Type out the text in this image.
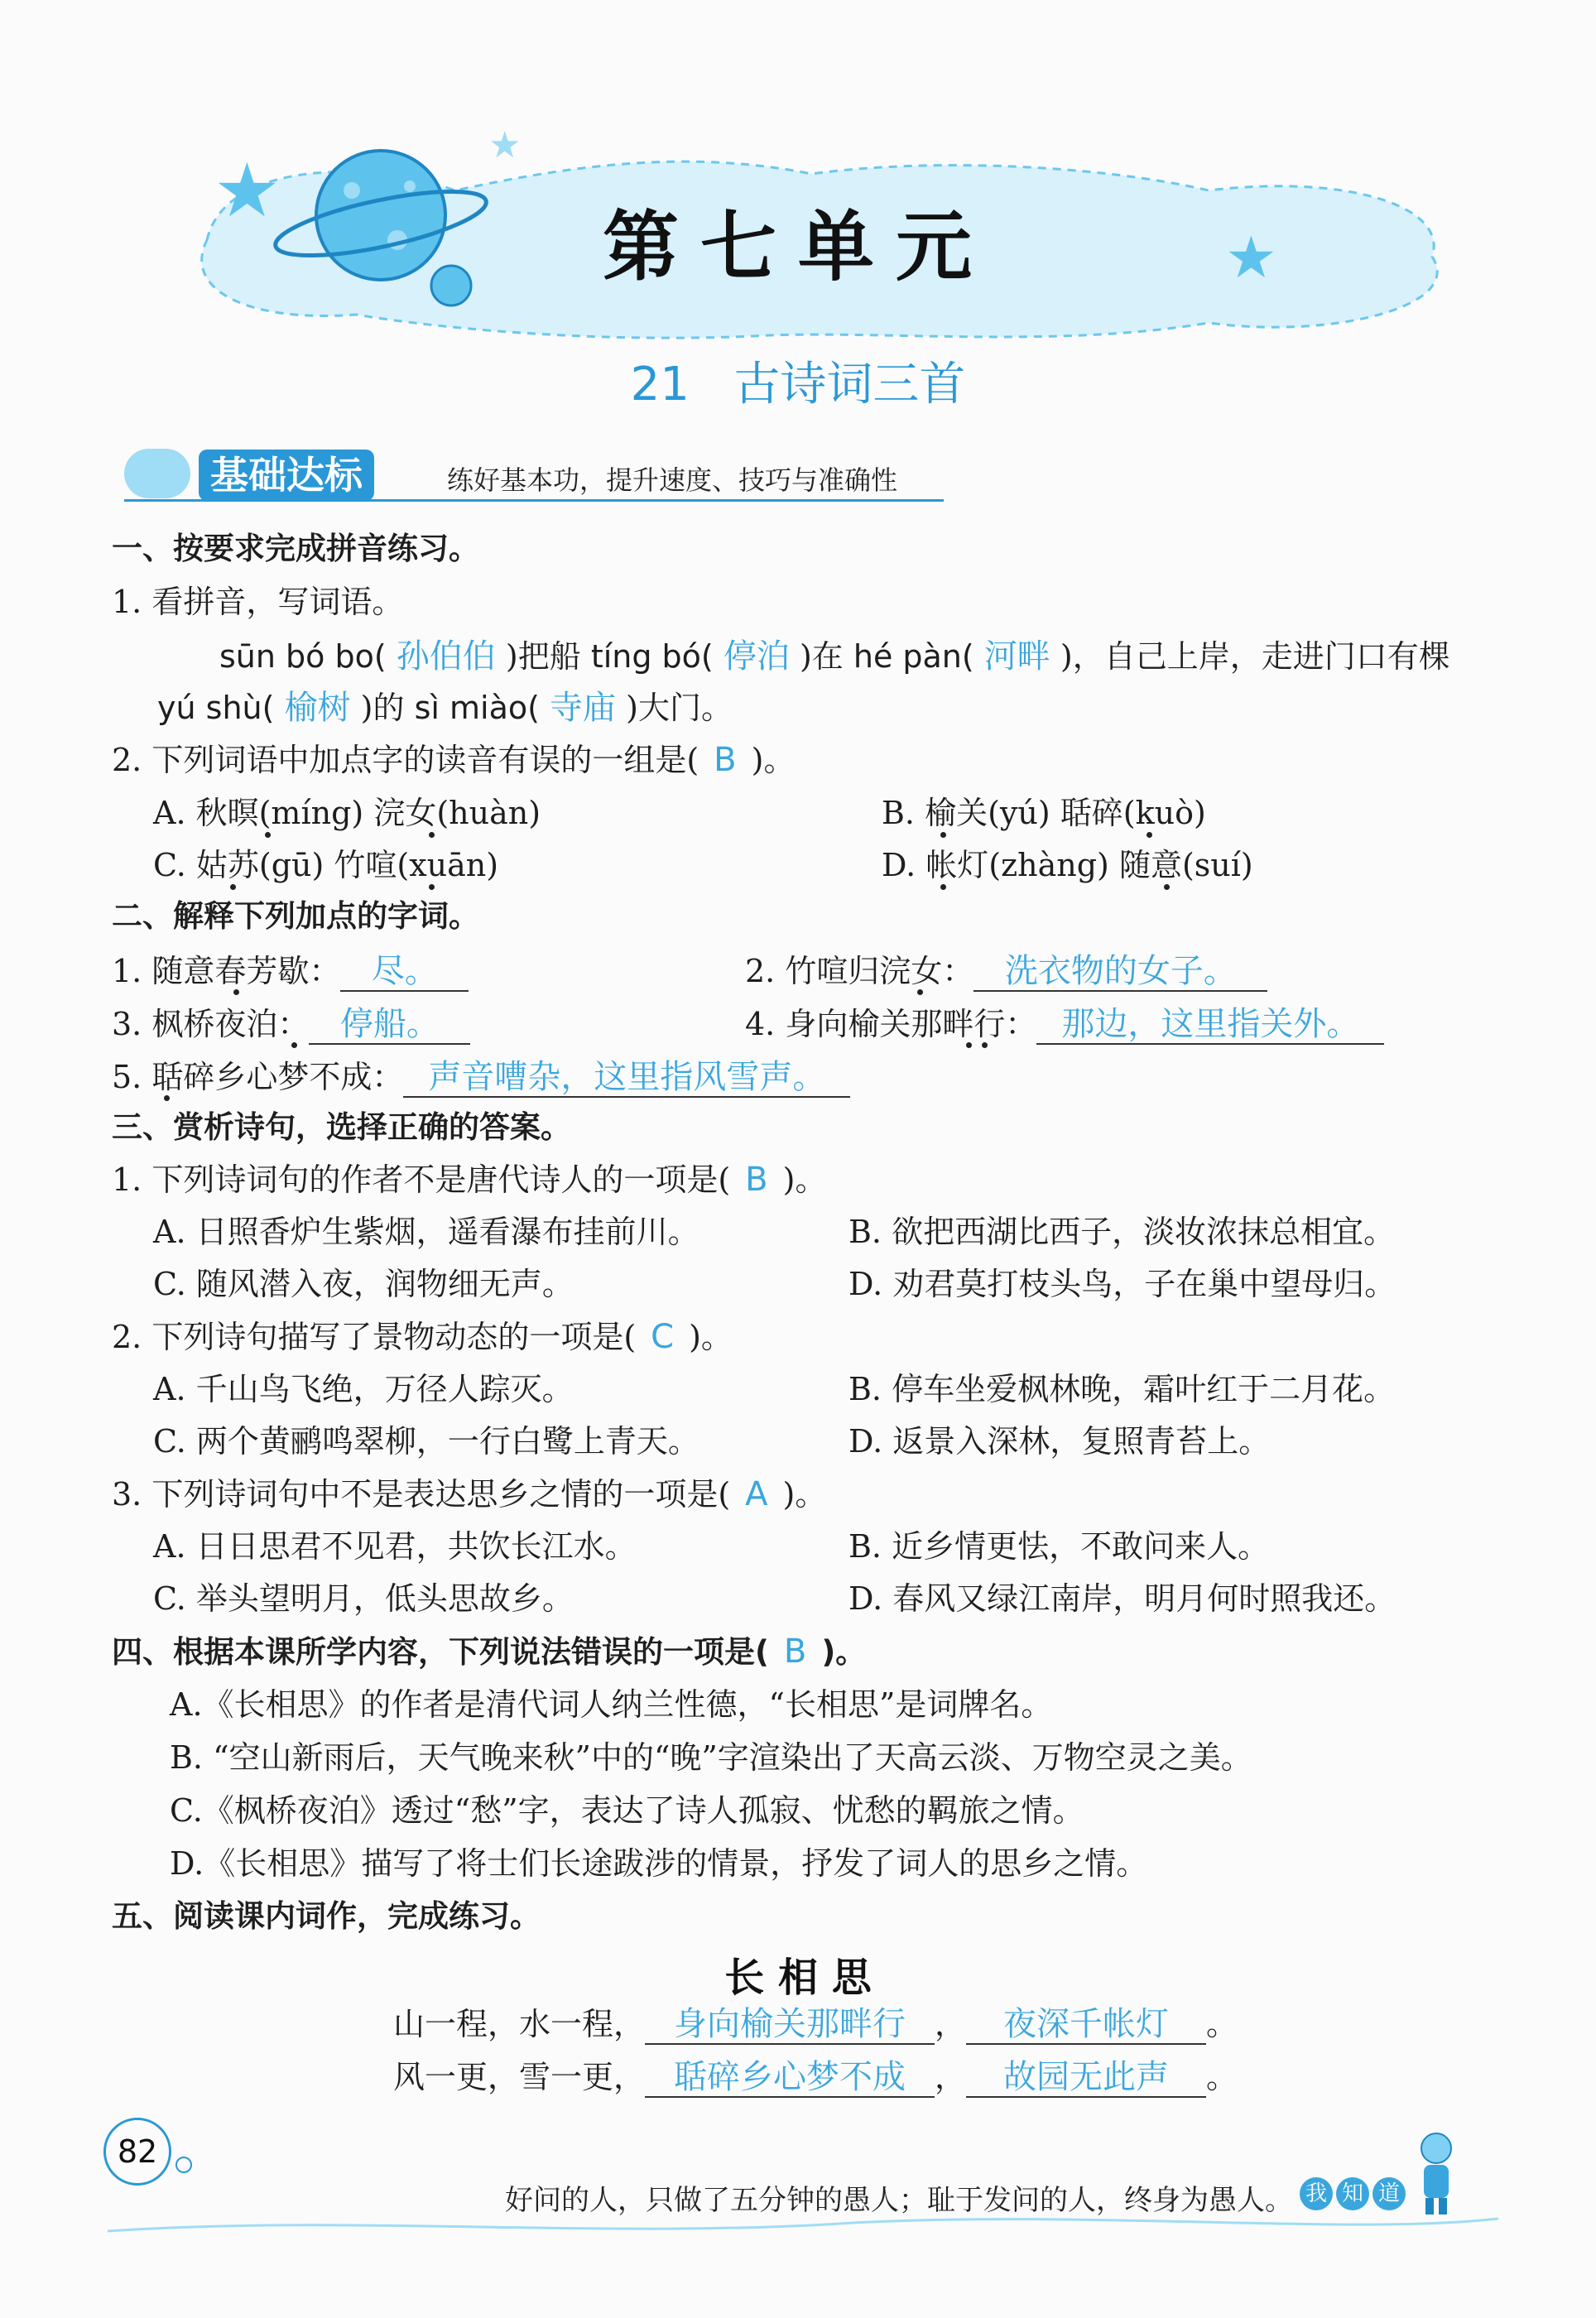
★
★
★
第七单元
21 古诗词三首
基础达标	练好基本功，提升速度、技巧与准确性
一、按要求完成拼音练习。
1. 看拼音，写词语。
sūn bó bo( 孙伯伯 )把船 tíng bó( 停泊 )在 hé pàn( 河畔 )，自己上岸，走进门口有棵
yú shù( 榆树 )的 sì miào( 寺庙 )大门。
2. 下列词语中加点字的读音有误的一组是( B )。
A. 秋暝(míng) 浣女(huàn)	B. 榆关(yú) 聒碎(kuò)
C. 姑苏(gū) 竹喧(xuān)	D. 帐灯(zhàng) 随意(suí)
二、解释下列加点的字词。
1. 随意春芳歇： 尽。	2. 竹喧归浣女： 洗衣物的女子。
3. 枫桥夜泊： 停船。	4. 身向榆关那畔行： 那边，这里指关外。
5. 聒碎乡心梦不成： 声音嘈杂，这里指风雪声。
三、赏析诗句，选择正确的答案。
1. 下列诗词句的作者不是唐代诗人的一项是( B )。
A. 日照香炉生紫烟，遥看瀑布挂前川。	B. 欲把西湖比西子，淡妆浓抹总相宜。
C. 随风潜入夜，润物细无声。	D. 劝君莫打枝头鸟，子在巢中望母归。
2. 下列诗句描写了景物动态的一项是( C )。
A. 千山鸟飞绝，万径人踪灭。	B. 停车坐爱枫林晚，霜叶红于二月花。
C. 两个黄鹂鸣翠柳，一行白鹭上青天。	D. 返景入深林，复照青苔上。
3. 下列诗词句中不是表达思乡之情的一项是( A )。
A. 日日思君不见君，共饮长江水。	B. 近乡情更怯，不敢问来人。
C. 举头望明月，低头思故乡。	D. 春风又绿江南岸，明月何时照我还。
四、根据本课所学内容，下列说法错误的一项是( B )。
A.《长相思》的作者是清代词人纳兰性德，“长相思”是词牌名。
B. “空山新雨后，天气晚来秋”中的“晚”字渲染出了天高云淡、万物空灵之美。
C.《枫桥夜泊》透过“愁”字，表达了诗人孤寂、忧愁的羁旅之情。
D.《长相思》描写了将士们长途跋涉的情景，抒发了词人的思乡之情。
五、阅读课内词作，完成练习。
长 相 思
山一程，水一程， 身向榆关那畔行 ， 夜深千帐灯 。
风一更，雪一更， 聒碎乡心梦不成 ， 故园无此声 。
82
好问的人，只做了五分钟的愚人；耻于发问的人，终身为愚人。 我 知 道
